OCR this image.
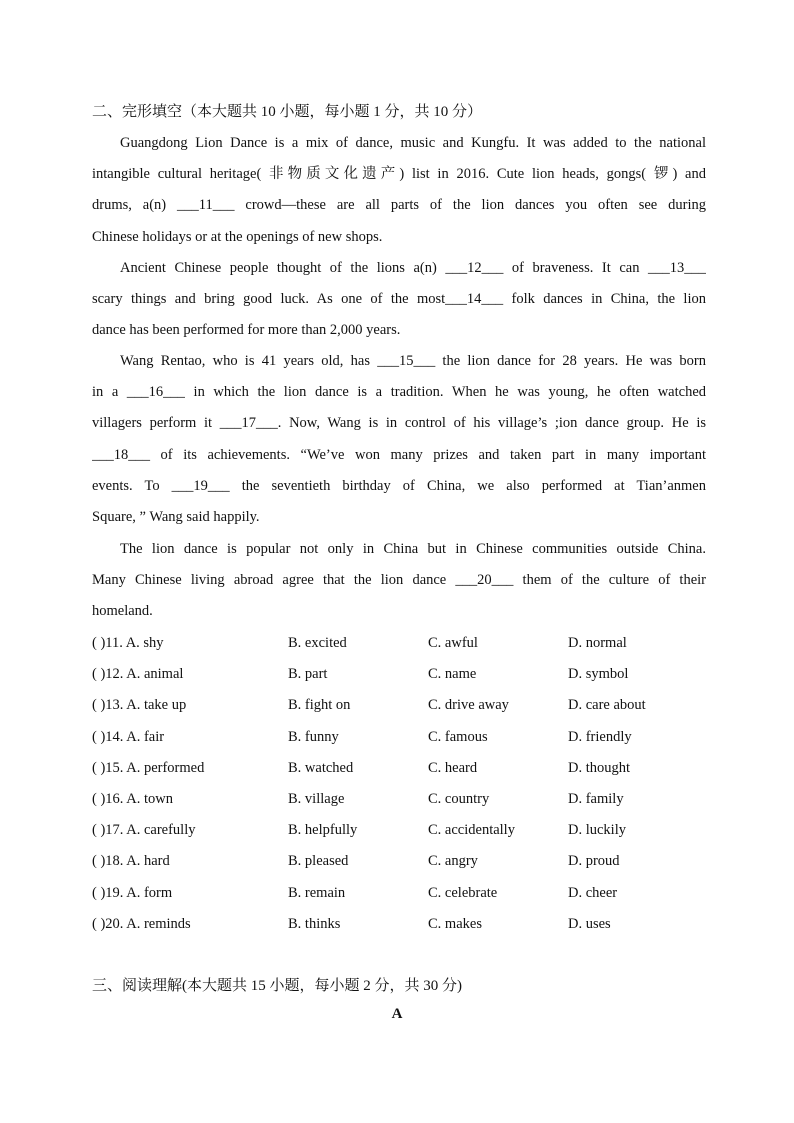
二、完形填空（本大题共 10 小题，每小题 1 分，共 10 分）
Guangdong Lion Dance is a mix of dance, music and Kungfu. It was added to the national
intangible cultural heritage( 非物质文化遗产) list in 2016. Cute lion heads, gongs( 锣) and
drums, a(n) ___11___ crowd—these are all parts of the lion dances you often see during
Chinese holidays or at the openings of new shops.
Ancient Chinese people thought of the lions a(n) ___12___ of braveness. It can ___13___
scary things and bring good luck. As one of the most___14___ folk dances in China, the lion
dance has been performed for more than 2,000 years.
Wang Rentao, who is 41 years old, has ___15___ the lion dance for 28 years. He was born
in a ___16___ in which the lion dance is a tradition. When he was young, he often watched
villagers perform it ___17___. Now, Wang is in control of his village’s ;ion dance group. He is
___18___ of its achievements. “We’ve won many prizes and taken part in many important
events. To ___19___ the seventieth birthday of China, we also performed at Tian’anmen
Square, ” Wang said happily.
The lion dance is popular not only in China but in Chinese communities outside China.
Many Chinese living abroad agree that the lion dance ___20___ them of the culture of their
homeland.
( )11. A. shy	B. excited	C. awful	D. normal
( )12. A. animal	B. part	C. name	D. symbol
( )13. A. take up	B. fight on	C. drive away	D. care about
( )14. A. fair	B. funny	C. famous	D. friendly
( )15. A. performed	B. watched	C. heard	D. thought
( )16. A. town	B. village	C. country	D. family
( )17. A. carefully	B. helpfully	C. accidentally	D. luckily
( )18. A. hard	B. pleased	C. angry	D. proud
( )19. A. form	B. remain	C. celebrate	D. cheer
( )20. A. reminds	B. thinks	C. makes	D. uses
三、阅读理解(本大题共 15 小题，每小题 2 分，共 30 分)
A
